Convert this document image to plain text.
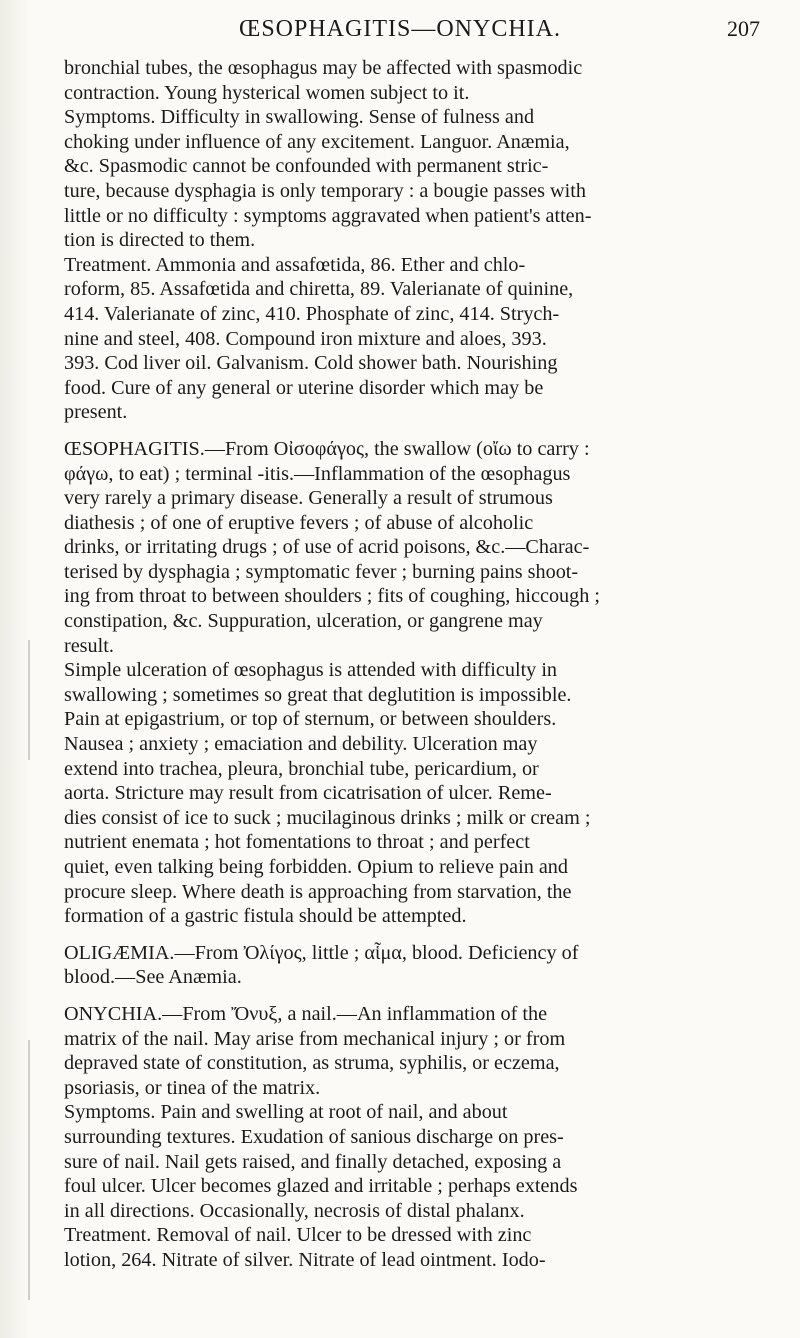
ŒSOPHAGITIS—ONYCHIA.	207
bronchial tubes, the œsophagus may be affected with spasmodic
contraction. Young hysterical women subject to it.
Symptoms. Difficulty in swallowing. Sense of fulness and
choking under influence of any excitement. Languor. Anæmia,
&c. Spasmodic cannot be confounded with permanent stric-
ture, because dysphagia is only temporary : a bougie passes with
little or no difficulty : symptoms aggravated when patient's atten-
tion is directed to them.
Treatment. Ammonia and assafœtida, 86. Ether and chlo-
roform, 85. Assafœtida and chiretta, 89. Valerianate of quinine,
414. Valerianate of zinc, 410. Phosphate of zinc, 414. Strych-
nine and steel, 408. Compound iron mixture and aloes, 393.
393. Cod liver oil. Galvanism. Cold shower bath. Nourishing
food. Cure of any general or uterine disorder which may be
present.
ŒSOPHAGITIS.—From Οἰσοφάγος, the swallow (οἴω to carry :
φάγω, to eat) ; terminal -itis.—Inflammation of the œsophagus
very rarely a primary disease. Generally a result of strumous
diathesis ; of one of eruptive fevers ; of abuse of alcoholic
drinks, or irritating drugs ; of use of acrid poisons, &c.—Charac-
terised by dysphagia ; symptomatic fever ; burning pains shoot-
ing from throat to between shoulders ; fits of coughing, hiccough ;
constipation, &c. Suppuration, ulceration, or gangrene may
result.
Simple ulceration of œsophagus is attended with difficulty in
swallowing ; sometimes so great that deglutition is impossible.
Pain at epigastrium, or top of sternum, or between shoulders.
Nausea ; anxiety ; emaciation and debility. Ulceration may
extend into trachea, pleura, bronchial tube, pericardium, or
aorta. Stricture may result from cicatrisation of ulcer. Reme-
dies consist of ice to suck ; mucilaginous drinks ; milk or cream ;
nutrient enemata ; hot fomentations to throat ; and perfect
quiet, even talking being forbidden. Opium to relieve pain and
procure sleep. Where death is approaching from starvation, the
formation of a gastric fistula should be attempted.
OLIGÆMIA.—From Ὀλίγος, little ; αἷμα, blood. Deficiency of
blood.—See Anæmia.
ONYCHIA.—From Ὄνυξ, a nail.—An inflammation of the
matrix of the nail. May arise from mechanical injury ; or from
depraved state of constitution, as struma, syphilis, or eczema,
psoriasis, or tinea of the matrix.
Symptoms. Pain and swelling at root of nail, and about
surrounding textures. Exudation of sanious discharge on pres-
sure of nail. Nail gets raised, and finally detached, exposing a
foul ulcer. Ulcer becomes glazed and irritable ; perhaps extends
in all directions. Occasionally, necrosis of distal phalanx.
Treatment. Removal of nail. Ulcer to be dressed with zinc
lotion, 264. Nitrate of silver. Nitrate of lead ointment. Iodo-
